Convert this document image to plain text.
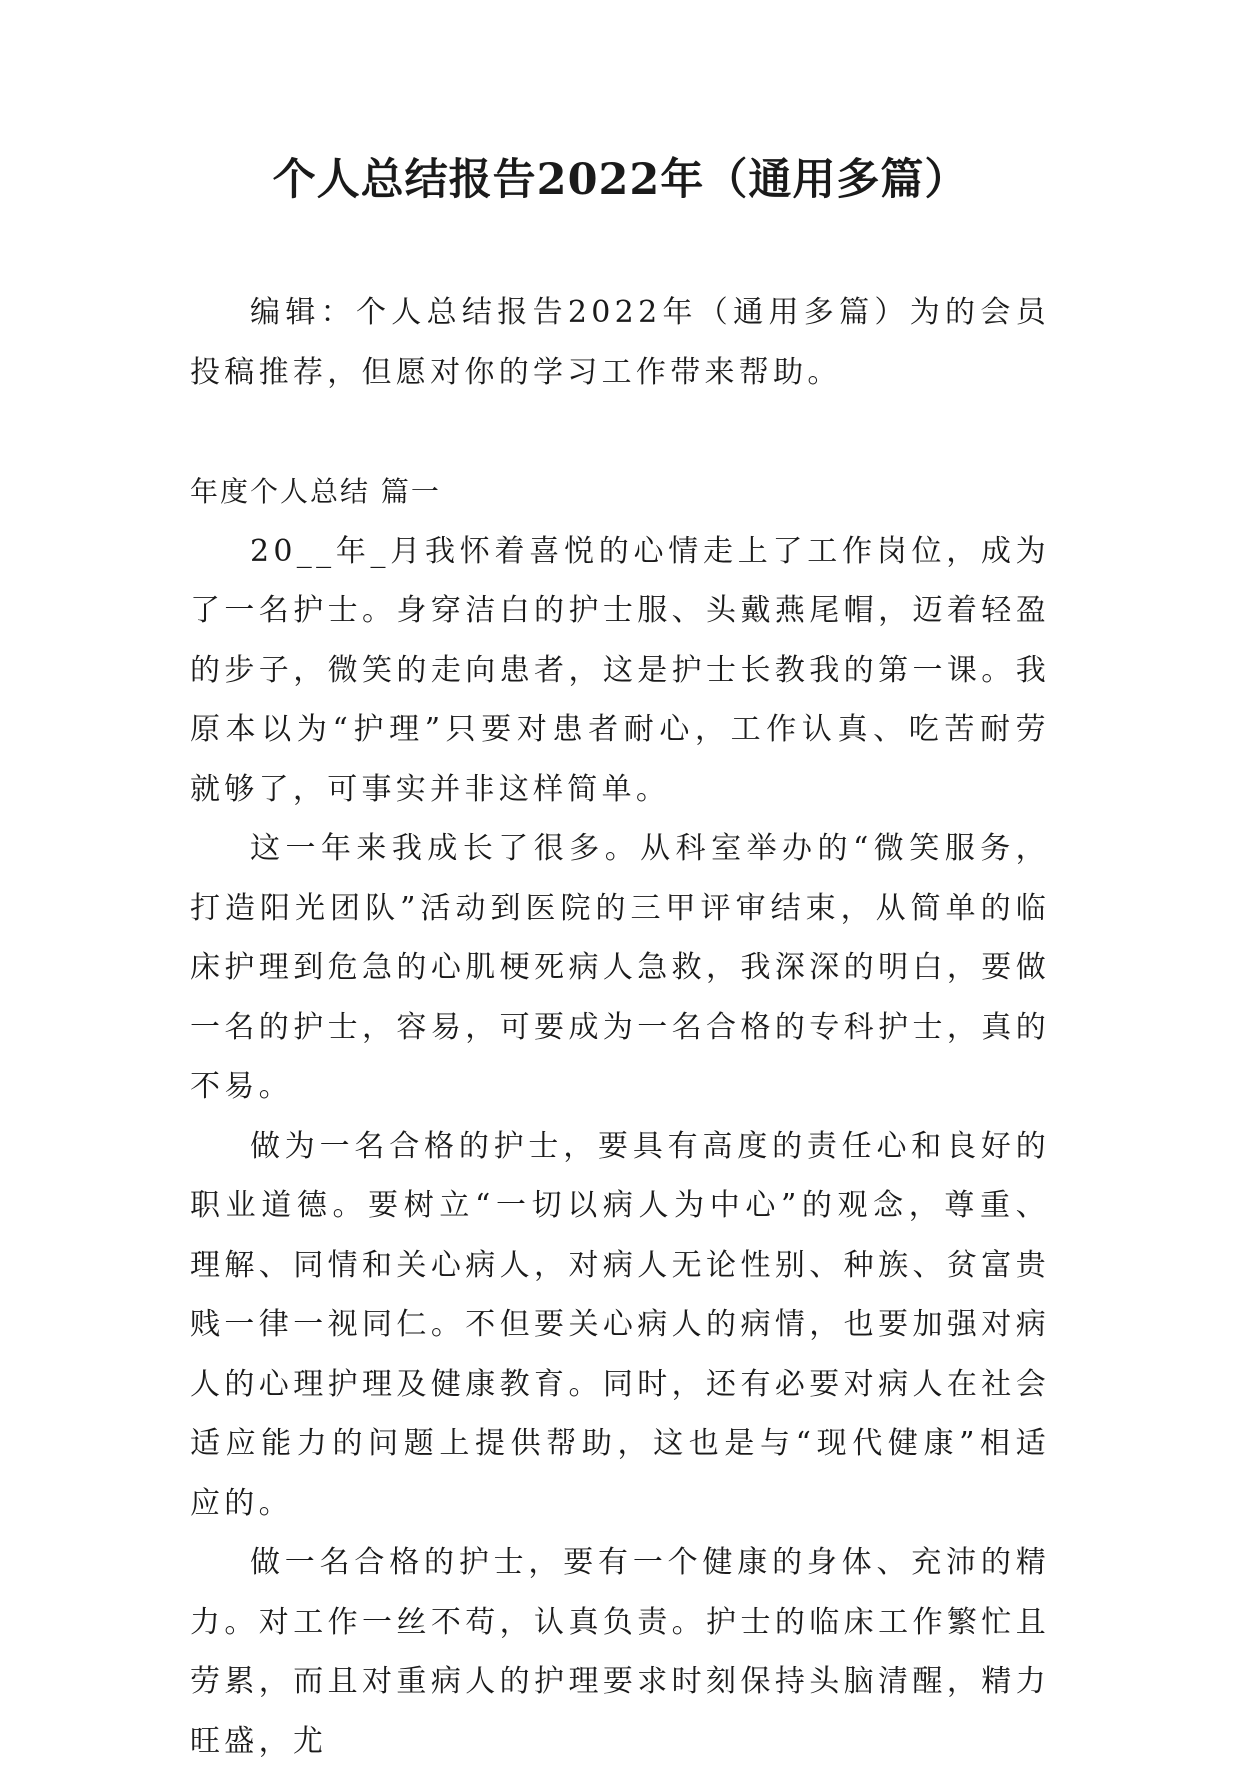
个人总结报告2022年（通用多篇）

编辑：个人总结报告2022年（通用多篇）为的会员投稿推荐，但愿对你的学习工作带来帮助。

年度个人总结 篇一

20__年_月我怀着喜悦的心情走上了工作岗位，成为了一名护士。身穿洁白的护士服、头戴燕尾帽，迈着轻盈的步子，微笑的走向患者，这是护士长教我的第一课。我原本以为“护理”只要对患者耐心，工作认真、吃苦耐劳就够了，可事实并非这样简单。

这一年来我成长了很多。从科室举办的“微笑服务，打造阳光团队”活动到医院的三甲评审结束，从简单的临床护理到危急的心肌梗死病人急救，我深深的明白，要做一名的护士，容易，可要成为一名合格的专科护士，真的不易。

做为一名合格的护士，要具有高度的责任心和良好的职业道德。要树立“一切以病人为中心”的观念，尊重、理解、同情和关心病人，对病人无论性别、种族、贫富贵贱一律一视同仁。不但要关心病人的病情，也要加强对病人的心理护理及健康教育。同时，还有必要对病人在社会适应能力的问题上提供帮助，这也是与“现代健康”相适应的。

做一名合格的护士，要有一个健康的身体、充沛的精力。对工作一丝不苟，认真负责。护士的临床工作繁忙且劳累，而且对重病人的护理要求时刻保持头脑清醒，精力旺盛，尤
